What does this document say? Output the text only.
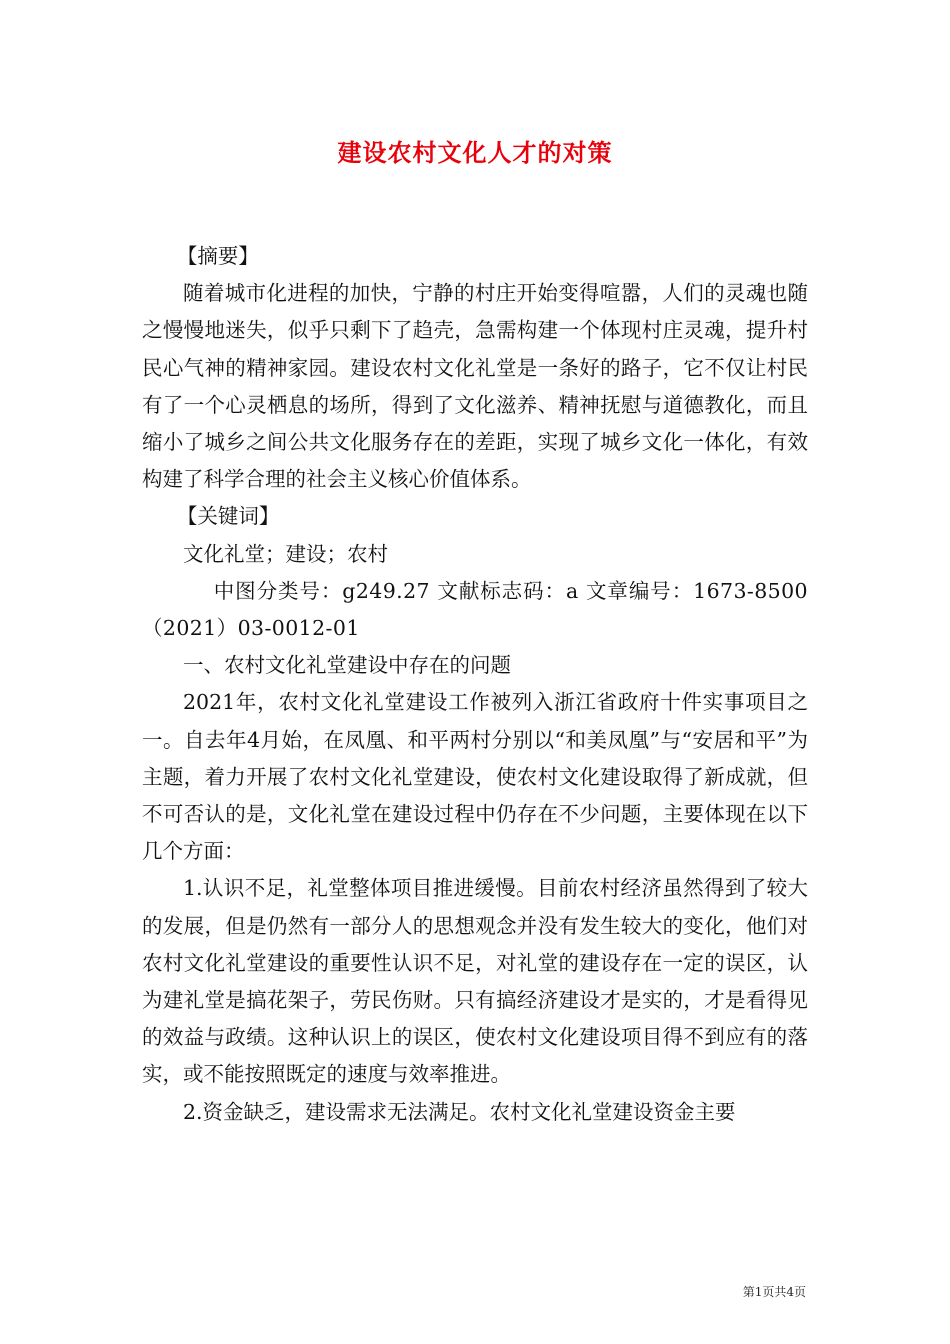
建设农村文化人才的对策

【摘要】

随着城市化进程的加快，宁静的村庄开始变得喧嚣，人们的灵魂也随之慢慢地迷失，似乎只剩下了趋壳，急需构建一个体现村庄灵魂，提升村民心气神的精神家园。建设农村文化礼堂是一条好的路子，它不仅让村民有了一个心灵栖息的场所，得到了文化滋养、精神抚慰与道德教化，而且缩小了城乡之间公共文化服务存在的差距，实现了城乡文化一体化，有效构建了科学合理的社会主义核心价值体系。

【关键词】

文化礼堂；建设；农村

中图分类号：g249.27 文献标志码：a 文章编号：1673-8500（2021）03-0012-01

一、农村文化礼堂建设中存在的问题

2021年，农村文化礼堂建设工作被列入浙江省政府十件实事项目之一。自去年4月始，在凤凰、和平两村分别以“和美凤凰”与“安居和平”为主题，着力开展了农村文化礼堂建设，使农村文化建设取得了新成就，但不可否认的是，文化礼堂在建设过程中仍存在不少问题，主要体现在以下几个方面：

1.认识不足，礼堂整体项目推进缓慢。目前农村经济虽然得到了较大的发展，但是仍然有一部分人的思想观念并没有发生较大的变化，他们对农村文化礼堂建设的重要性认识不足，对礼堂的建设存在一定的误区，认为建礼堂是搞花架子，劳民伤财。只有搞经济建设才是实的，才是看得见的效益与政绩。这种认识上的误区，使农村文化建设项目得不到应有的落实，或不能按照既定的速度与效率推进。

2.资金缺乏，建设需求无法满足。农村文化礼堂建设资金主要

第1页共4页
